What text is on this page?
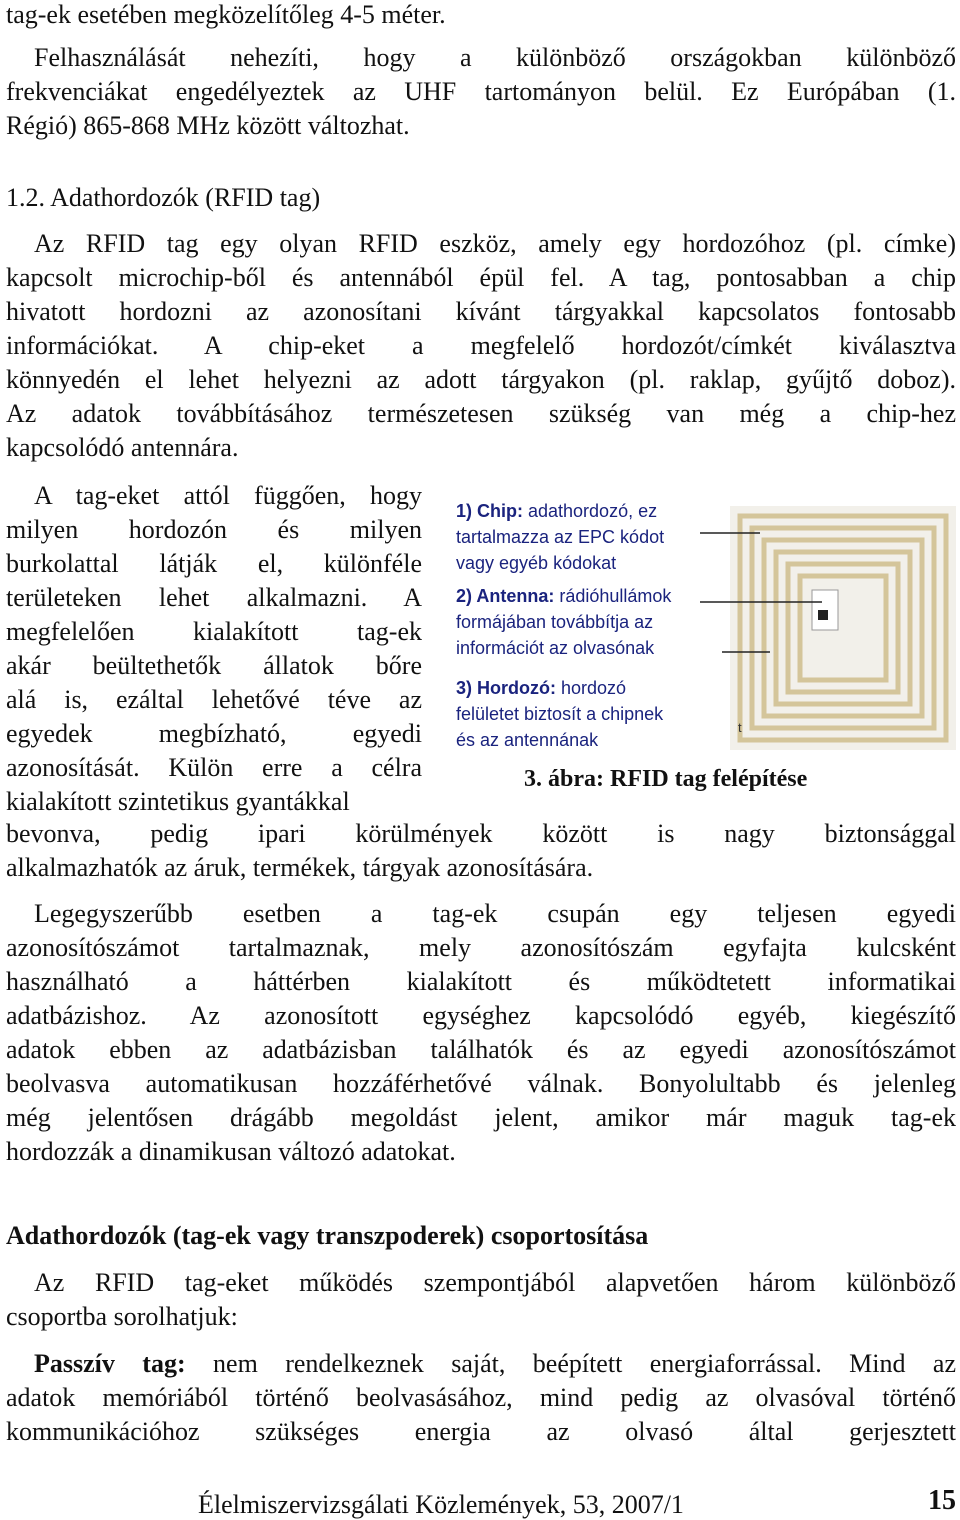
tag-ek esetében megközelítőleg 4-5 méter.
Felhasználását nehezíti, hogy a különböző országokban különböző
frekvenciákat engedélyeztek az UHF tartományon belül. Ez Európában (1.
Régió) 865-868 MHz között változhat.
1.2. Adathordozók (RFID tag)
Az RFID tag egy olyan RFID eszköz, amely egy hordozóhoz (pl. címke)
kapcsolt microchip-ből és antennából épül fel. A tag, pontosabban a chip
hivatott hordozni az azonosítani kívánt tárgyakkal kapcsolatos fontosabb
információkat. A chip-eket a megfelelő hordozót/címkét kiválasztva
könnyedén el lehet helyezni az adott tárgyakon (pl. raklap, gyűjtő doboz).
Az adatok továbbításához természetesen szükség van még a chip-hez
kapcsolódó antennára.
A tag-eket attól függően, hogy
milyen hordozón és milyen
burkolattal látják el, különféle
területeken lehet alkalmazni. A
megfelelően kialakított tag-ek
akár beültethetők állatok bőre
alá is, ezáltal lehetővé téve az
egyedek megbízható, egyedi
azonosítását. Külön erre a célra
kialakított szintetikus gyantákkal
bevonva, pedig ipari körülmények között is nagy biztonsággal
alkalmazhatók az áruk, termékek, tárgyak azonosítására.
1) Chip: adathordozó, ez
tartalmazza az EPC kódot
vagy egyéb kódokat
2) Antenna: rádióhullámok
formájában továbbítja az
információt az olvasónak
3) Hordozó: hordozó
felületet biztosít a chipnek
és az antennának
t
3. ábra: RFID tag felépítése
Legegyszerűbb esetben a tag-ek csupán egy teljesen egyedi
azonosítószámot tartalmaznak, mely azonosítószám egyfajta kulcsként
használható a háttérben kialakított és működtetett informatikai
adatbázishoz. Az azonosított egységhez kapcsolódó egyéb, kiegészítő
adatok ebben az adatbázisban találhatók és az egyedi azonosítószámot
beolvasva automatikusan hozzáférhetővé válnak. Bonyolultabb és jelenleg
még jelentősen drágább megoldást jelent, amikor már maguk tag-ek
hordozzák a dinamikusan változó adatokat.
Adathordozók (tag-ek vagy transzpoderek) csoportosítása
Az RFID tag-eket működés szempontjából alapvetően három különböző
csoportba sorolhatjuk:
Passzív tag: nem rendelkeznek saját, beépített energiaforrással. Mind az
adatok memóriából történő beolvasásához, mind pedig az olvasóval történő
kommunikációhoz szükséges energia az olvasó által gerjesztett
Élelmiszervizsgálati Közlemények, 53, 2007/1	15
